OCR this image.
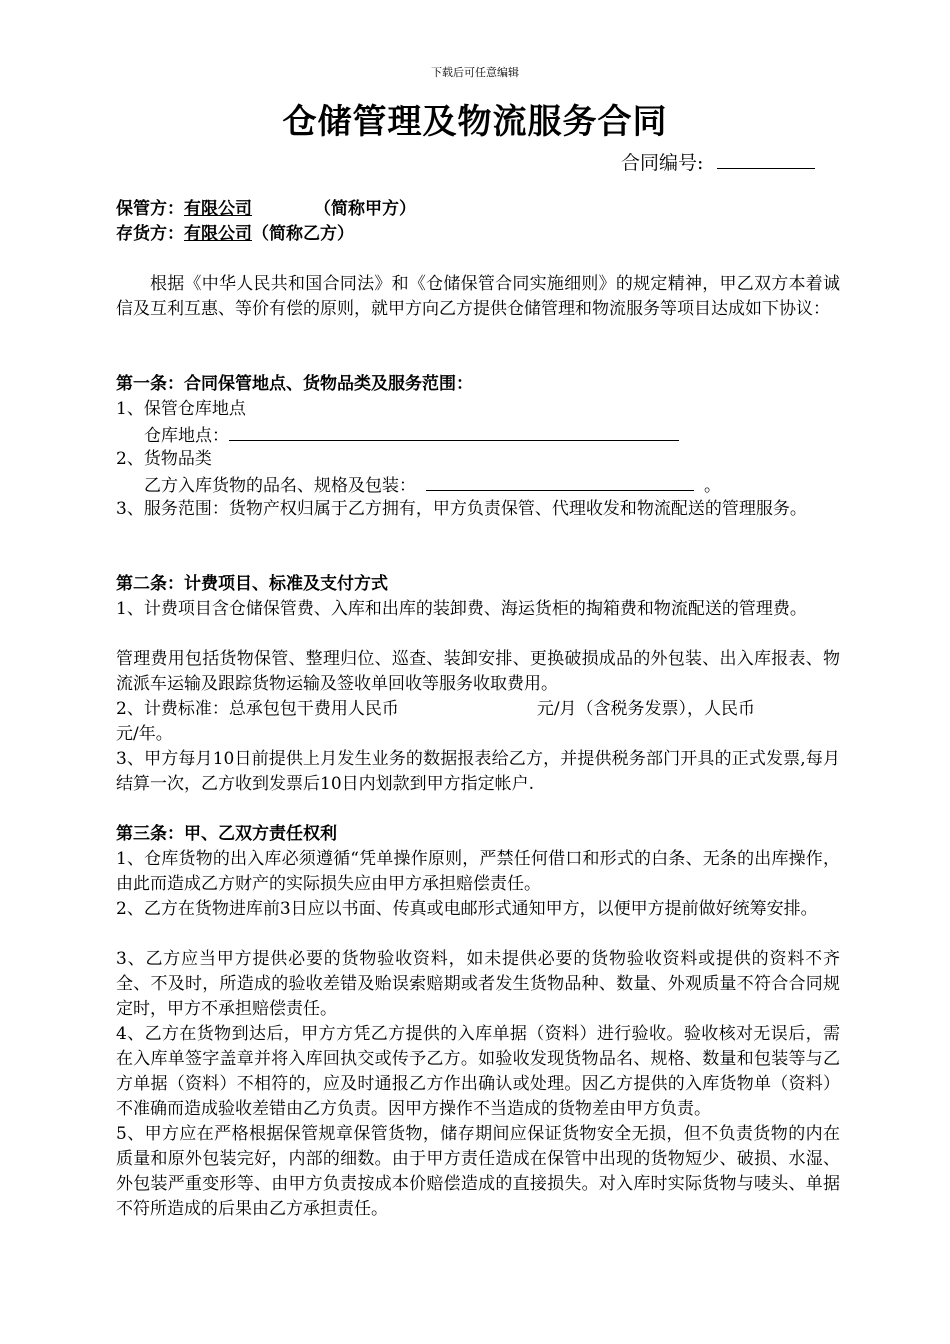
下载后可任意编辑
仓储管理及物流服务合同
合同编号:
保管方：有限公司	（简称甲方）
存货方：有限公司（简称乙方）
根据《中华人民共和国合同法》和《仓储保管合同实施细则》的规定精神，甲乙双方本着诚信及互利互惠、等价有偿的原则，就甲方向乙方提供仓储管理和物流服务等项目达成如下协议：
第一条：合同保管地点、货物品类及服务范围：
1、保管仓库地点
仓库地点：
2、货物品类
乙方入库货物的品名、规格及包装：	。
3、服务范围：货物产权归属于乙方拥有，甲方负责保管、代理收发和物流配送的管理服务。
第二条：计费项目、标准及支付方式
1、计费项目含仓储保管费、入库和出库的装卸费、海运货柜的掏箱费和物流配送的管理费。
管理费用包括货物保管、整理归位、巡查、装卸安排、更换破损成品的外包装、出入库报表、物流派车运输及跟踪货物运输及签收单回收等服务收取费用。
2、计费标准：总承包包干费用人民币	元/月（含税务发票），人民币
元/年。
3、甲方每月10日前提供上月发生业务的数据报表给乙方，并提供税务部门开具的正式发票,每月结算一次，乙方收到发票后10日内划款到甲方指定帐户.
第三条：甲、乙双方责任权利
1、仓库货物的出入库必须遵循“凭单操作原则，严禁任何借口和形式的白条、无条的出库操作，由此而造成乙方财产的实际损失应由甲方承担赔偿责任。
2、乙方在货物进库前3日应以书面、传真或电邮形式通知甲方，以便甲方提前做好统筹安排。
3、乙方应当甲方提供必要的货物验收资料，如未提供必要的货物验收资料或提供的资料不齐全、不及时，所造成的验收差错及贻误索赔期或者发生货物品种、数量、外观质量不符合合同规定时，甲方不承担赔偿责任。
4、乙方在货物到达后，甲方方凭乙方提供的入库单据（资料）进行验收。验收核对无误后，需在入库单签字盖章并将入库回执交或传予乙方。如验收发现货物品名、规格、数量和包装等与乙方单据（资料）不相符的，应及时通报乙方作出确认或处理。因乙方提供的入库货物单（资料）不准确而造成验收差错由乙方负责。因甲方操作不当造成的货物差由甲方负责。
5、甲方应在严格根据保管规章保管货物，储存期间应保证货物安全无损，但不负责货物的内在质量和原外包装完好，内部的细数。由于甲方责任造成在保管中出现的货物短少、破损、水湿、外包装严重变形等、由甲方负责按成本价赔偿造成的直接损失。对入库时实际货物与唛头、单据不符所造成的后果由乙方承担责任。
